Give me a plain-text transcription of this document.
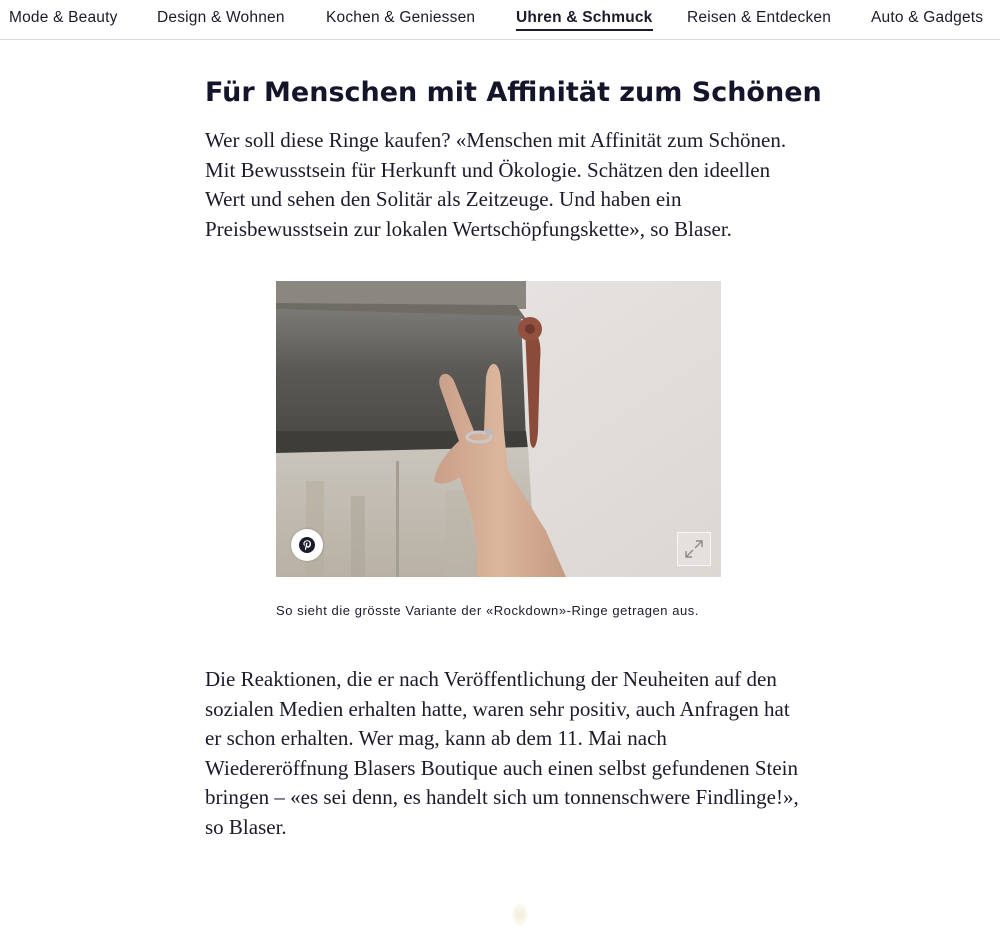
Mode & Beauty	Design & Wohnen	Kochen & Geniessen	Uhren & Schmuck Reisen & Entdecken	Auto & Gadgets
Für Menschen mit Affinität zum Schönen

Wer soll diese Ringe kaufen? «Menschen mit Affinität zum Schönen. Mit Bewusstsein für Herkunft und Ökologie. Schätzen den ideellen Wert und sehen den Solitär als Zeitzeuge. Und haben ein Preisbewusstsein zur lokalen Wertschöpfungskette», so Blaser.

So sieht die grösste Variante der «Rockdown»-Ringe getragen aus.

Die Reaktionen, die er nach Veröffentlichung der Neuheiten auf den sozialen Medien erhalten hatte, waren sehr positiv, auch Anfragen hat er schon erhalten. Wer mag, kann ab dem 11. Mai nach Wiedereröffnung Blasers Boutique auch einen selbst gefundenen Stein bringen – «es sei denn, es handelt sich um tonnenschwere Findlinge!», so Blaser.
